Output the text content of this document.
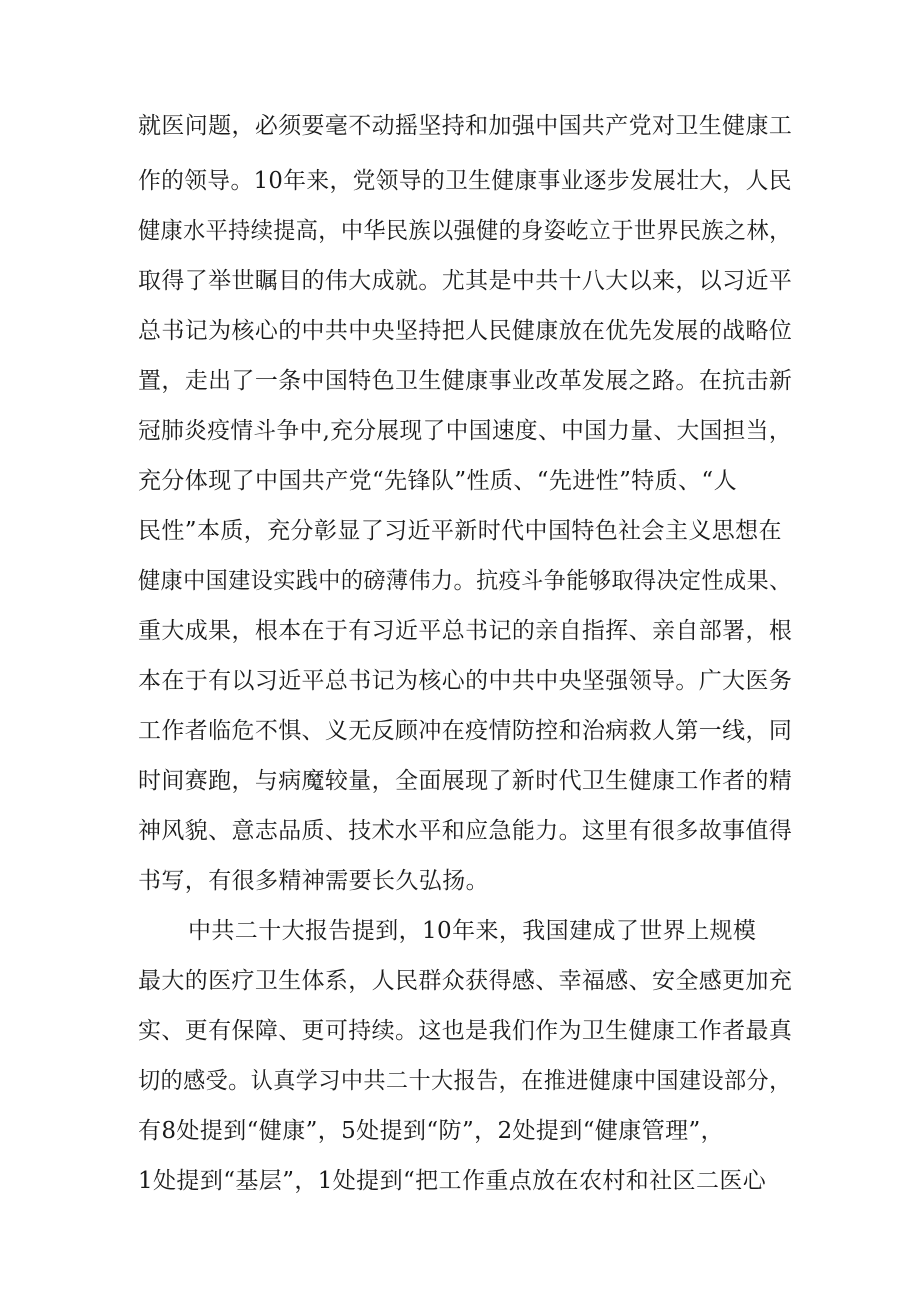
就医问题，必须要毫不动摇坚持和加强中国共产党对卫生健康工
作的领导。10年来，党领导的卫生健康事业逐步发展壮大，人民
健康水平持续提高，中华民族以强健的身姿屹立于世界民族之林，
取得了举世瞩目的伟大成就。尤其是中共十八大以来，以习近平
总书记为核心的中共中央坚持把人民健康放在优先发展的战略位
置，走出了一条中国特色卫生健康事业改革发展之路。在抗击新
冠肺炎疫情斗争中,充分展现了中国速度、中国力量、大国担当，
充分体现了中国共产党“先锋队”性质、“先进性”特质、“人
民性”本质，充分彰显了习近平新时代中国特色社会主义思想在
健康中国建设实践中的磅薄伟力。抗疫斗争能够取得决定性成果、
重大成果，根本在于有习近平总书记的亲自指挥、亲自部署，根
本在于有以习近平总书记为核心的中共中央坚强领导。广大医务
工作者临危不惧、义无反顾冲在疫情防控和治病救人第一线，同
时间赛跑，与病魔较量，全面展现了新时代卫生健康工作者的精
神风貌、意志品质、技术水平和应急能力。这里有很多故事值得
书写，有很多精神需要长久弘扬。
中共二十大报告提到，10年来，我国建成了世界上规模
最大的医疗卫生体系，人民群众获得感、幸福感、安全感更加充
实、更有保障、更可持续。这也是我们作为卫生健康工作者最真
切的感受。认真学习中共二十大报告，在推进健康中国建设部分，
有8处提到“健康”，5处提到“防”，2处提到“健康管理”，
1处提到“基层”，1处提到“把工作重点放在农村和社区二医心
